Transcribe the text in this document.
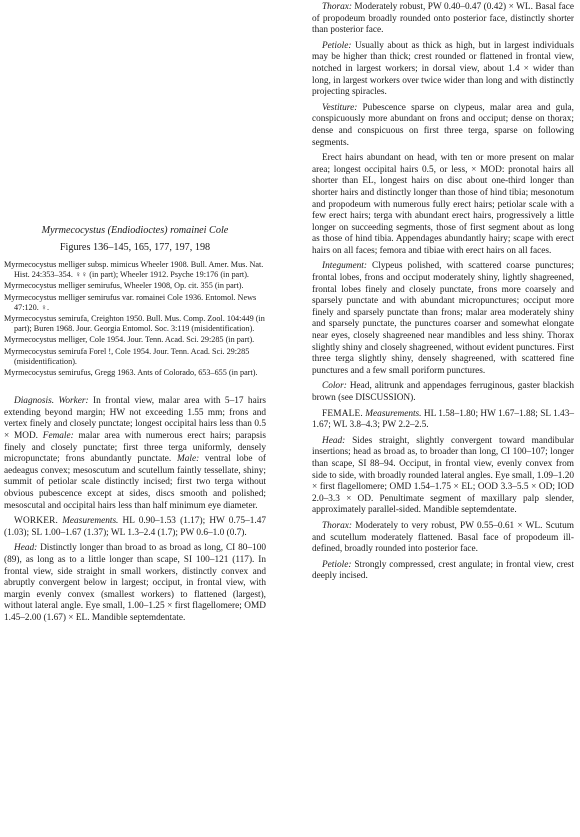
Myrmecocystus (Endiodioctes) romainei Cole

Figures 136–145, 165, 177, 197, 198

Myrmecocystus melliger subsp. mimicus Wheeler 1908. Bull. Amer. Mus. Nat. Hist. 24:353–354. ♀♀ (in part); Wheeler 1912. Psyche 19:176 (in part).

Myrmecocystus melliger semirufus, Wheeler 1908, Op. cit. 355 (in part).

Myrmecocystus melliger semirufus var. romainei Cole 1936. Entomol. News 47:120. ♀.

Myrmecocystus semirufa, Creighton 1950. Bull. Mus. Comp. Zool. 104:449 (in part); Buren 1968. Jour. Georgia Entomol. Soc. 3:119 (misidentification).

Myrmecocystus melliger, Cole 1954. Jour. Tenn. Acad. Sci. 29:285 (in part).

Myrmecocystus semirufa Forel !, Cole 1954. Jour. Tenn. Acad. Sci. 29:285 (misidentification).

Myrmecocystus semirufus, Gregg 1963. Ants of Colorado, 653–655 (in part).

Diagnosis. Worker: In frontal view, malar area with 5–17 hairs extending beyond margin; HW not exceeding 1.55 mm; frons and vertex finely and closely punctate; longest occipital hairs less than 0.5 × MOD. Female: malar area with numerous erect hairs; parapsis finely and closely punctate; first three terga uniformly, densely micropunctate; frons abundantly punctate. Male: ventral lobe of aedeagus convex; mesoscutum and scutellum faintly tessellate, shiny; summit of petiolar scale distinctly incised; first two terga without obvious pubescence except at sides, discs smooth and polished; mesoscutal and occipital hairs less than half minimum eye diameter.

WORKER. Measurements. HL 0.90–1.53 (1.17); HW 0.75–1.47 (1.03); SL 1.00–1.67 (1.37); WL 1.3–2.4 (1.7); PW 0.6–1.0 (0.7).

Head: Distinctly longer than broad to as broad as long, CI 80–100 (89), as long as to a little longer than scape, SI 100–121 (117). In frontal view, side straight in small workers, distinctly convex and abruptly convergent below in largest; occiput, in frontal view, with margin evenly convex (smallest workers) to flattened (largest), without lateral angle. Eye small, 1.00–1.25 × first flagellomere; OMD 1.45–2.00 (1.67) × EL. Mandible septemdentate.

Thorax: Moderately robust, PW 0.40–0.47 (0.42) × WL. Basal face of propodeum broadly rounded onto posterior face, distinctly shorter than posterior face.

Petiole: Usually about as thick as high, but in largest individuals may be higher than thick; crest rounded or flattened in frontal view, notched in largest workers; in dorsal view, about 1.4 × wider than long, in largest workers over twice wider than long and with distinctly projecting spiracles.

Vestiture: Pubescence sparse on clypeus, malar area and gula, conspicuously more abundant on frons and occiput; dense on thorax; dense and conspicuous on first three terga, sparse on following segments.

Erect hairs abundant on head, with ten or more present on malar area; longest occipital hairs 0.5, or less, × MOD: pronotal hairs all shorter than EL, longest hairs on disc about one-third longer than shorter hairs and distinctly longer than those of hind tibia; mesonotum and propodeum with numerous fully erect hairs; petiolar scale with a few erect hairs; terga with abundant erect hairs, progressively a little longer on succeeding segments, those of first segment about as long as those of hind tibia. Appendages abundantly hairy; scape with erect hairs on all faces; femora and tibiae with erect hairs on all faces.

Integument: Clypeus polished, with scattered coarse punctures; frontal lobes, frons and occiput moderately shiny, lightly shagreened, frontal lobes finely and closely punctate, frons more coarsely and sparsely punctate and with abundant micropunctures; occiput more finely and sparsely punctate than frons; malar area moderately shiny and sparsely punctate, the punctures coarser and somewhat elongate near eyes, closely shagreened near mandibles and less shiny. Thorax slightly shiny and closely shagreened, without evident punctures. First three terga slightly shiny, densely shagreened, with scattered fine punctures and a few small poriform punctures.

Color: Head, alitrunk and appendages ferruginous, gaster blackish brown (see DISCUSSION).

FEMALE. Measurements. HL 1.58–1.80; HW 1.67–1.88; SL 1.43–1.67; WL 3.8–4.3; PW 2.2–2.5.

Head: Sides straight, slightly convergent toward mandibular insertions; head as broad as, to broader than long, CI 100–107; longer than scape, SI 88–94. Occiput, in frontal view, evenly convex from side to side, with broadly rounded lateral angles. Eye small, 1.09–1.20 × first flagellomere; OMD 1.54–1.75 × EL; OOD 3.3–5.5 × OD; IOD 2.0–3.3 × OD. Penultimate segment of maxillary palp slender, approximately parallel-sided. Mandible septemdentate.

Thorax: Moderately to very robust, PW 0.55–0.61 × WL. Scutum and scutellum moderately flattened. Basal face of propodeum ill-defined, broadly rounded into posterior face.

Petiole: Strongly compressed, crest angulate; in frontal view, crest deeply incised.
